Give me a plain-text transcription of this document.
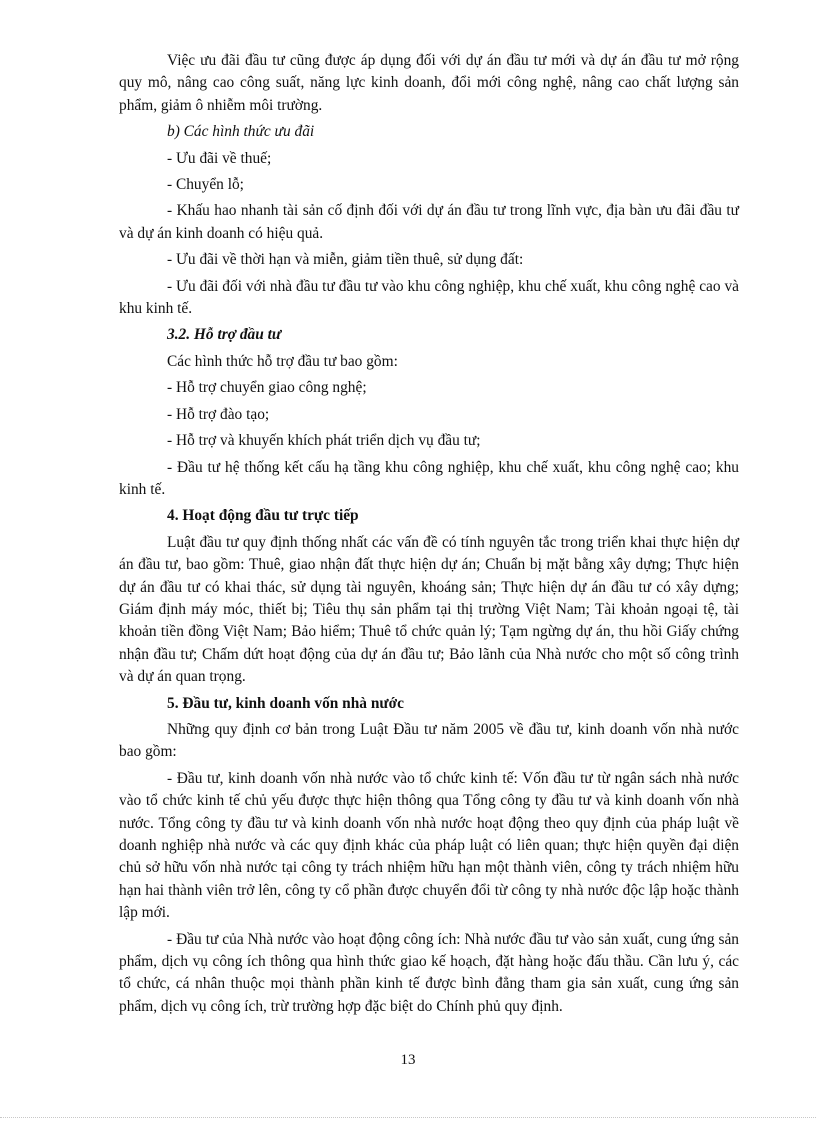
Việc ưu đãi đầu tư cũng được áp dụng đối với dự án đầu tư mới và dự án đầu tư mở rộng quy mô, nâng cao công suất, năng lực kinh doanh, đổi mới công nghệ, nâng cao chất lượng sản phẩm, giảm ô nhiễm môi trường.

b) Các hình thức ưu đãi

- Ưu đãi về thuế;

- Chuyển lỗ;

- Khấu hao nhanh tài sản cố định đối với dự án đầu tư trong lĩnh vực, địa bàn ưu đãi đầu tư và dự án kinh doanh có hiệu quả.

- Ưu đãi về thời hạn và miễn, giảm tiền thuê, sử dụng đất:

- Ưu đãi đối với nhà đầu tư đầu tư vào khu công nghiệp, khu chế xuất, khu công nghệ cao và khu kinh tế.

3.2. Hỗ trợ đầu tư

Các hình thức hỗ trợ đầu tư bao gồm:

- Hỗ trợ chuyển giao công nghệ;

- Hỗ trợ đào tạo;

- Hỗ trợ và khuyến khích phát triển dịch vụ đầu tư;

- Đầu tư hệ thống kết cấu hạ tầng khu công nghiệp, khu chế xuất, khu công nghệ cao; khu kinh tế.

4. Hoạt động đầu tư trực tiếp

Luật đầu tư quy định thống nhất các vấn đề có tính nguyên tắc trong triển khai thực hiện dự án đầu tư, bao gồm: Thuê, giao nhận đất thực hiện dự án; Chuẩn bị mặt bằng xây dựng; Thực hiện dự án đầu tư có khai thác, sử dụng tài nguyên, khoáng sản; Thực hiện dự án đầu tư có xây dựng; Giám định máy móc, thiết bị; Tiêu thụ sản phẩm tại thị trường Việt Nam; Tài khoản ngoại tệ, tài khoản tiền đồng Việt Nam; Bảo hiểm; Thuê tổ chức quản lý; Tạm ngừng dự án, thu hồi Giấy chứng nhận đầu tư; Chấm dứt hoạt động của dự án đầu tư; Bảo lãnh của Nhà nước cho một số công trình và dự án quan trọng.

5. Đầu tư, kinh doanh vốn nhà nước

Những quy định cơ bản trong Luật Đầu tư năm 2005 về đầu tư, kinh doanh vốn nhà nước bao gồm:

- Đầu tư, kinh doanh vốn nhà nước vào tổ chức kinh tế: Vốn đầu tư từ ngân sách nhà nước vào tổ chức kinh tế chủ yếu được thực hiện thông qua Tổng công ty đầu tư và kinh doanh vốn nhà nước. Tổng công ty đầu tư và kinh doanh vốn nhà nước hoạt động theo quy định của pháp luật về doanh nghiệp nhà nước và các quy định khác của pháp luật có liên quan; thực hiện quyền đại diện chủ sở hữu vốn nhà nước tại công ty trách nhiệm hữu hạn một thành viên, công ty trách nhiệm hữu hạn hai thành viên trở lên, công ty cổ phần được chuyển đổi từ công ty nhà nước độc lập hoặc thành lập mới.

- Đầu tư của Nhà nước vào hoạt động công ích: Nhà nước đầu tư vào sản xuất, cung ứng sản phẩm, dịch vụ công ích thông qua hình thức giao kế hoạch, đặt hàng hoặc đấu thầu. Cần lưu ý, các tổ chức, cá nhân thuộc mọi thành phần kinh tế được bình đẳng tham gia sản xuất, cung ứng sản phẩm, dịch vụ công ích, trừ trường hợp đặc biệt do Chính phủ quy định.

13
